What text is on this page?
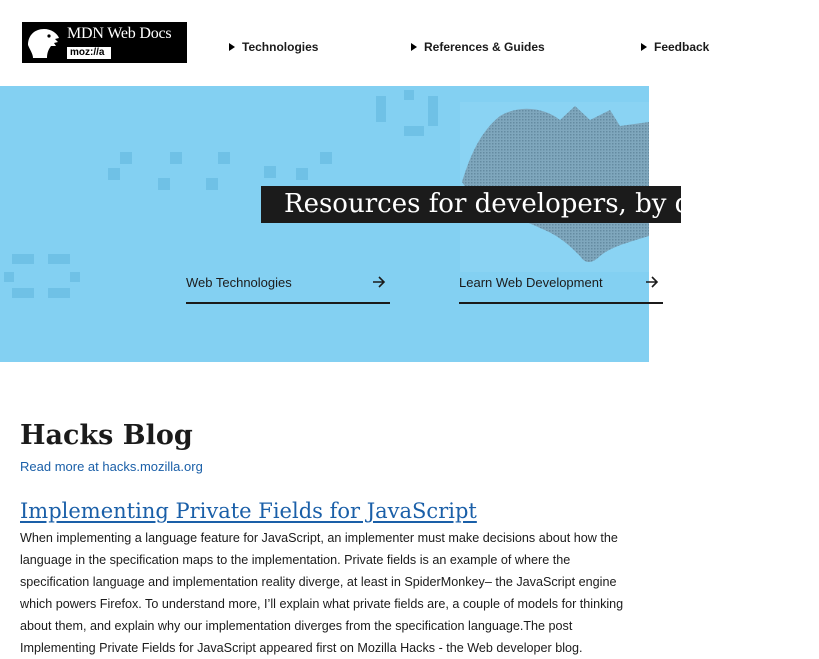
MDN Web Docs
moz://a	Technologies	References & Guides	Feedback
Resources for developers, by developers
Web Technologies	Learn Web Development
Hacks Blog
Read more at hacks.mozilla.org
Implementing Private Fields for JavaScript

When implementing a language feature for JavaScript, an implementer must make decisions about how the language in the specification maps to the implementation. Private fields is an example of where the specification language and implementation reality diverge, at least in SpiderMonkey– the JavaScript engine which powers Firefox. To understand more, I’ll explain what private fields are, a couple of models for thinking about them, and explain why our implementation diverges from the specification language.The post Implementing Private Fields for JavaScript appeared first on Mozilla Hacks - the Web developer blog.
